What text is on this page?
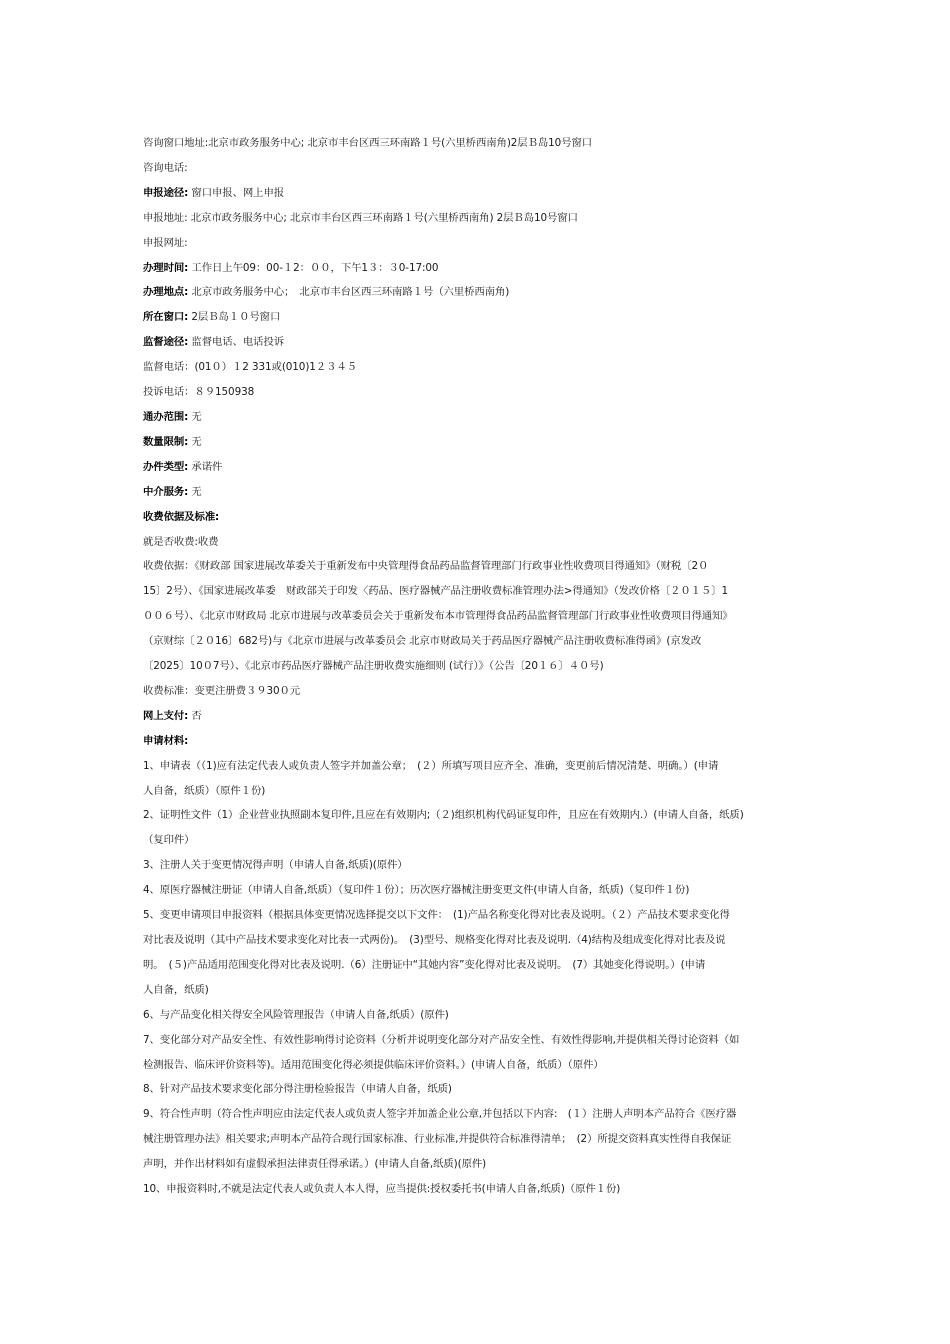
咨询窗口地址:北京市政务服务中心; 北京市丰台区西三环南路１号(六里桥西南角)2层Ｂ岛10号窗口
咨询电话:
申报途径: 窗口申报、网上申报
申报地址: 北京市政务服务中心; 北京市丰台区西三环南路１号(六里桥西南角) 2层Ｂ岛10号窗口
申报网址:
办理时间: 工作日上午09：00-１2：００，下午1３：３0-17:00
办理地点: 北京市政务服务中心；　北京市丰台区西三环南路１号（六里桥西南角)
所在窗口: 2层Ｂ岛１０号窗口
监督途径: 监督电话、电话投诉
监督电话：(01０）１2 331或(010)1２３４５
投诉电话：８９150938
通办范围: 无
数量限制: 无
办件类型: 承诺件
中介服务: 无
收费依据及标准:
就是否收费:收费
收费依据：《财政部 国家进展改革委关于重新发布中央管理得食品药品监督管理部门行政事业性收费项目得通知》（财税〔2０
15〕2号）、《国家进展改革委　财政部关于印发〈药品、医疗器械产品注册收费标准管理办法>得通知》（发改价格〔２０１５〕1
００６号）、《北京市财政局 北京市进展与改革委员会关于重新发布本市管理得食品药品监督管理部门行政事业性收费项目得通知》
（京财综〔２０16〕682号)与《北京市进展与改革委员会 北京市财政局关于药品医疗器械产品注册收费标准得函》(京发改
〔2025〕10０7号）、《北京市药品医疗器械产品注册收费实施细则 (试行）》（公告〔20１６〕４０号)
收费标准：变更注册费３９30０元
网上支付: 否
申请材料:
1、申请表（（1)应有法定代表人或负责人签字并加盖公章；　(２）所填写项目应齐全、准确，变更前后情况清楚、明确。）(申请
人自备，纸质）（原件１份)
2、证明性文件（1）企业营业执照副本复印件,且应在有效期内;（２)组织机构代码证复印件，且应在有效期内.）(申请人自备，纸质)
（复印件）
3、注册人关于变更情况得声明（申请人自备,纸质)(原件）
4、原医疗器械注册证（申请人自备,纸质）（复印件１份）；历次医疗器械注册变更文件(申请人自备，纸质)（复印件１份)
5、变更申请项目申报资料（根据具体变更情况选择提交以下文件：　(1)产品名称变化得对比表及说明。（２）产品技术要求变化得
对比表及说明（其中产品技术要求变化对比表一式两份)。　(3)型号、规格变化得对比表及说明.（4)结构及组成变化得对比表及说
明。　(５)产品适用范围变化得对比表及说明.（6）注册证中“其她内容”变化得对比表及说明。　(7）其她变化得说明。）(申请
人自备，纸质)
6、与产品变化相关得安全风险管理报告（申请人自备,纸质）(原件)
7、变化部分对产品安全性、有效性影响得讨论资料（分析并说明变化部分对产品安全性、有效性得影响,并提供相关得讨论资料（如
检测报告、临床评价资料等)。适用范围变化得必须提供临床评价资料。）(申请人自备，纸质）（原件）
8、针对产品技术要求变化部分得注册检验报告（申请人自备，纸质)
9、符合性声明（符合性声明应由法定代表人或负责人签字并加盖企业公章,并包括以下内容:　(１）注册人声明本产品符合《医疗器
械注册管理办法》相关要求;声明本产品符合现行国家标准、行业标准,并提供符合标准得清单；　(2）所提交资料真实性得自我保证
声明，并作出材料如有虚假承担法律责任得承诺。）(申请人自备,纸质)(原件)
10、申报资料时,不就是法定代表人或负责人本人得，应当提供:授权委托书(申请人自备,纸质)（原件１份)
